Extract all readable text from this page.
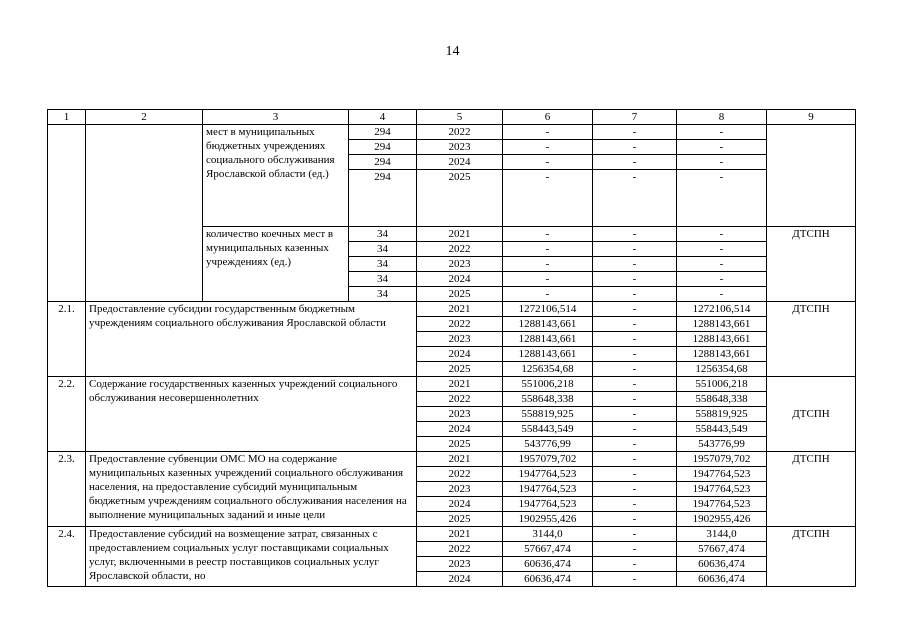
14
1	2	3	4	5	6	7	8	9
		мест в муниципальных бюджетных учреждениях социального обслуживания Ярославской области (ед.)	294	2022	-	-	-	
			294	2023	-	-	-	
			294	2024	-	-	-	
			294	2025	-	-	-	
		количество коечных мест в муниципальных казенных учреждениях (ед.)	34	2021	-	-	-	ДТСПН
			34	2022	-	-	-	
			34	2023	-	-	-	
			34	2024	-	-	-	
			34	2025	-	-	-	
2.1.	Предоставление субсидии государственным бюджетным учреждениям социального обслуживания Ярославской области			2021	1272106,514	-	1272106,514	ДТСПН
				2022	1288143,661	-	1288143,661	
				2023	1288143,661	-	1288143,661	
				2024	1288143,661	-	1288143,661	
				2025	1256354,68	-	1256354,68	
2.2.	Содержание государственных казенных учреждений социального обслуживания несовершеннолетних			2021	551006,218	-	551006,218	ДТСПН
				2022	558648,338	-	558648,338	
				2023	558819,925	-	558819,925	
				2024	558443,549	-	558443,549	
				2025	543776,99	-	543776,99	
2.3.	Предоставление субвенции ОМС МО на содержание муниципальных казенных учреждений социального обслуживания населения, на предоставление субсидий муниципальным бюджетным учреждениям социального обслуживания населения на выполнение муниципальных заданий и иные цели			2021	1957079,702	-	1957079,702	ДТСПН
				2022	1947764,523	-	1947764,523	
				2023	1947764,523	-	1947764,523	
				2024	1947764,523	-	1947764,523	
				2025	1902955,426	-	1902955,426	
2.4.	Предоставление субсидий на возмещение затрат, связанных с предоставлением социальных услуг поставщиками социальных услуг, включенными в реестр поставщиков социальных услуг Ярославской области, но			2021	3144,0	-	3144,0	ДТСПН
				2022	57667,474	-	57667,474	
				2023	60636,474	-	60636,474	
				2024	60636,474	-	60636,474	
